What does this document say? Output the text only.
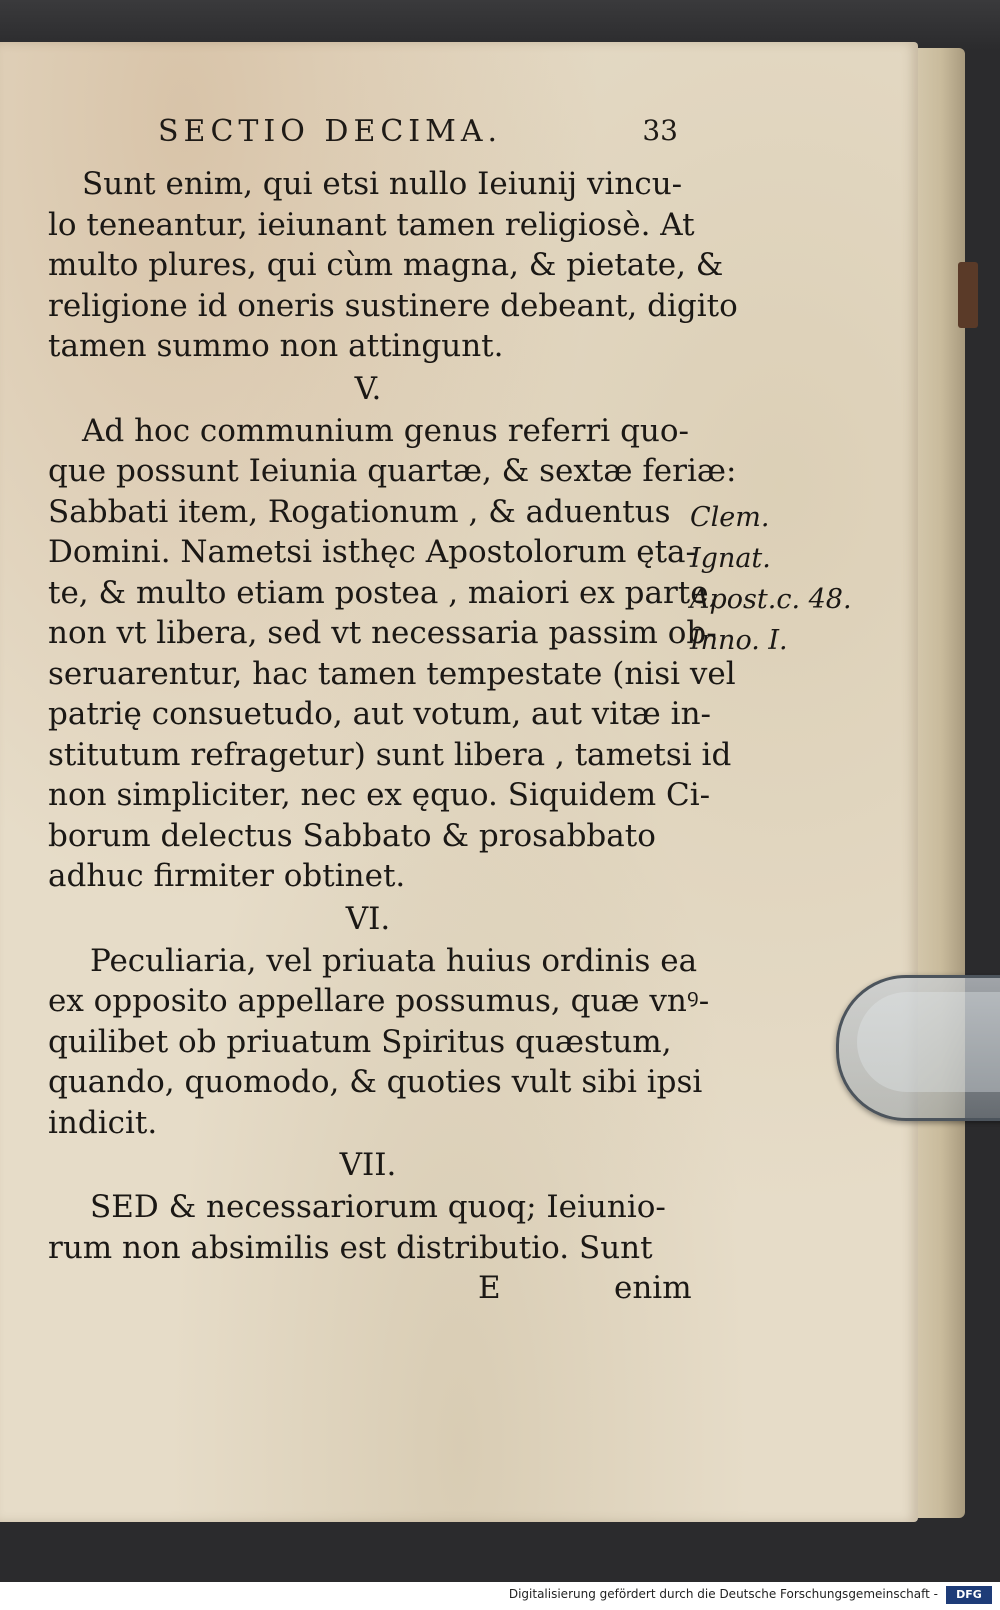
SECTIO DECIMA.	33
Sunt enim, qui etsi nullo Ieiunij vincu-
lo teneantur, ieiunant tamen religiosè. At
multo plures, qui cùm magna, & pietate, &
religione id oneris sustinere debeant, digito
tamen summo non attingunt.
V.
Ad hoc communium genus referri quo-
que possunt Ieiunia quartæ, & sextæ feriæ:
Sabbati item, Rogationum , & aduentus
Domini. Nametsi isthęc Apostolorum ęta-
te, & multo etiam postea , maiori ex parte,
non vt libera, sed vt necessaria passim ob-
seruarentur, hac tamen tempestate (nisi vel
patrię consuetudo, aut votum, aut vitæ in-
stitutum refragetur) sunt libera , tametsi id
non simpliciter, nec ex ęquo. Siquidem Ci-
borum delectus Sabbato & prosabbato
adhuc firmiter obtinet.
VI.
Peculiaria, vel priuata huius ordinis ea
ex opposito appellare possumus, quæ vnꝰ-
quilibet ob priuatum Spiritus quæstum,
quando, quomodo, & quoties vult sibi ipsi
indicit.
VII.
SED & necessariorum quoq; Ieiunio-
rum non absimilis est distributio. Sunt
E	enim
Clem.
Ignat.
Apost.c. 48.
Inno. I.
Digitalisierung gefördert durch die Deutsche Forschungsgemeinschaft -	DFG
